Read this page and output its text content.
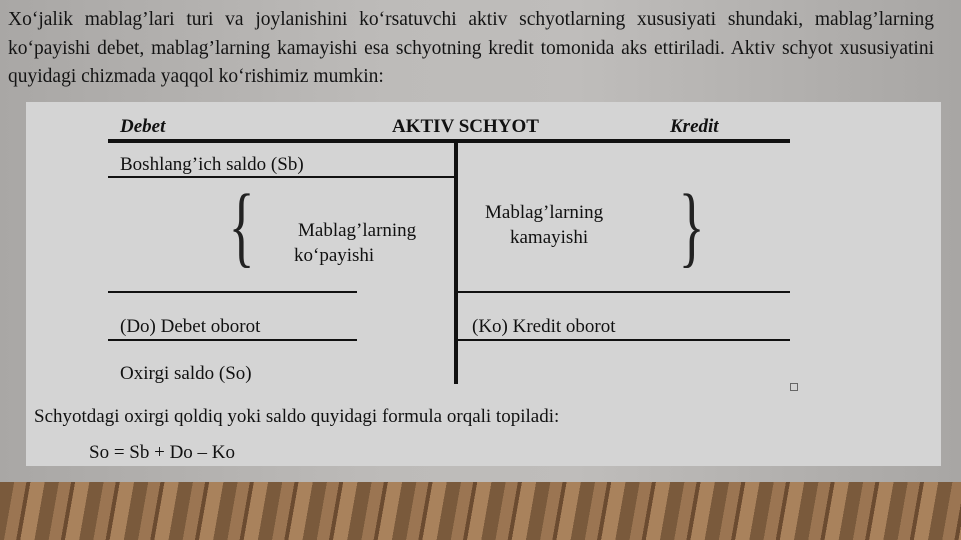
Xo‘jalik mablag’lari turi va joylanishini ko‘rsatuvchi aktiv schyotlarning xususiyati shundaki, mablag’larning ko‘payishi debet, mablag’larning kamayishi esa schyotning kredit tomonida aks ettiriladi. Aktiv schyot xususiyatini quyidagi chizmada yaqqol ko‘rishimiz mumkin:
Debet	AKTIV SCHYOT	Kredit
Boshlang’ich saldo (Sb)
{ Mablag’larning
ko‘payishi
Mablag’larning
kamayishi }
(Do) Debet oborot	(Ko) Kredit oborot
Oxirgi saldo (So)
Schyotdagi oxirgi qoldiq yoki saldo quyidagi formula orqali topiladi:
So = Sb + Do – Ko
